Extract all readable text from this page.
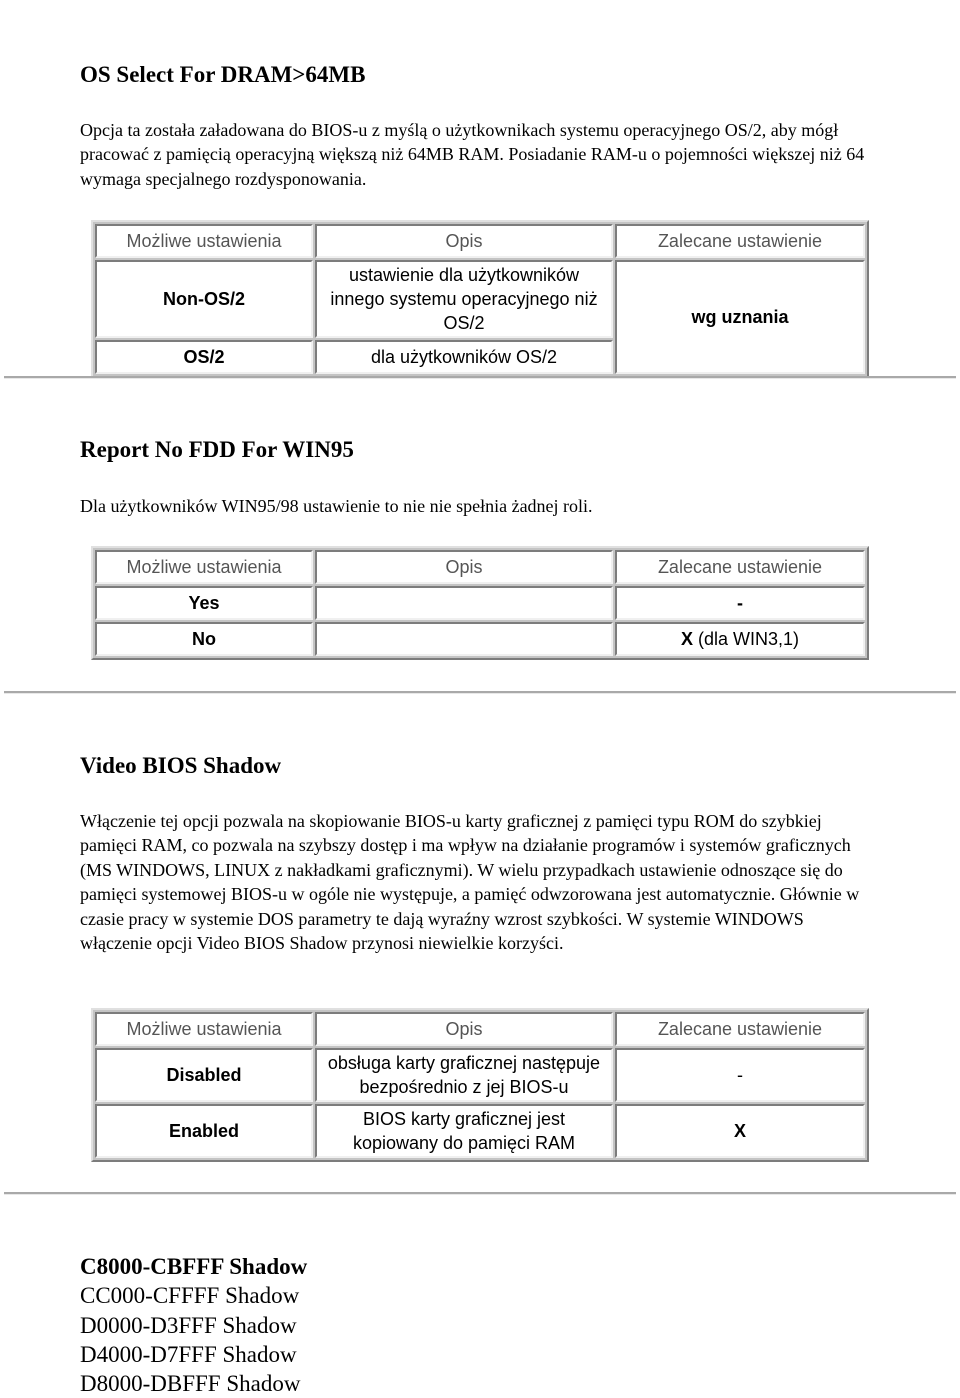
OS Select For DRAM>64MB

Opcja ta została załadowana do BIOS-u z myślą o użytkownikach systemu operacyjnego OS/2, aby mógł pracować z pamięcią operacyjną większą niż 64MB RAM. Posiadanie RAM-u o pojemności większej niż 64 wymaga specjalnego rozdysponowania.

Możliwe ustawienia	Opis	Zalecane ustawienie
Non-OS/2	ustawienie dla użytkowników innego systemu operacyjnego niż OS/2	wg uznania
OS/2	dla użytkowników OS/2	
Report No FDD For WIN95

Dla użytkowników WIN95/98 ustawienie to nie nie spełnia żadnej roli.

Możliwe ustawienia	Opis	Zalecane ustawienie
Yes		-
No		X (dla WIN3,1)
Video BIOS Shadow

Włączenie tej opcji pozwala na skopiowanie BIOS-u karty graficznej z pamięci typu ROM do szybkiej pamięci RAM, co pozwala na szybszy dostęp i ma wpływ na działanie programów i systemów graficznych (MS WINDOWS, LINUX z nakładkami graficznymi). W wielu przypadkach ustawienie odnoszące się do pamięci systemowej BIOS-u w ogóle nie występuje, a pamięć odwzorowana jest automatycznie. Głównie w czasie pracy w systemie DOS parametry te dają wyraźny wzrost szybkości. W systemie WINDOWS włączenie opcji Video BIOS Shadow przynosi niewielkie korzyści.

Możliwe ustawienia	Opis	Zalecane ustawienie
Disabled	obsługa karty graficznej następuje bezpośrednio z jej BIOS-u	-
Enabled	BIOS karty graficznej jest kopiowany do pamięci RAM	X
C8000-CBFFF Shadow
CC000-CFFFF Shadow
D0000-D3FFF Shadow
D4000-D7FFF Shadow
D8000-DBFFF Shadow
